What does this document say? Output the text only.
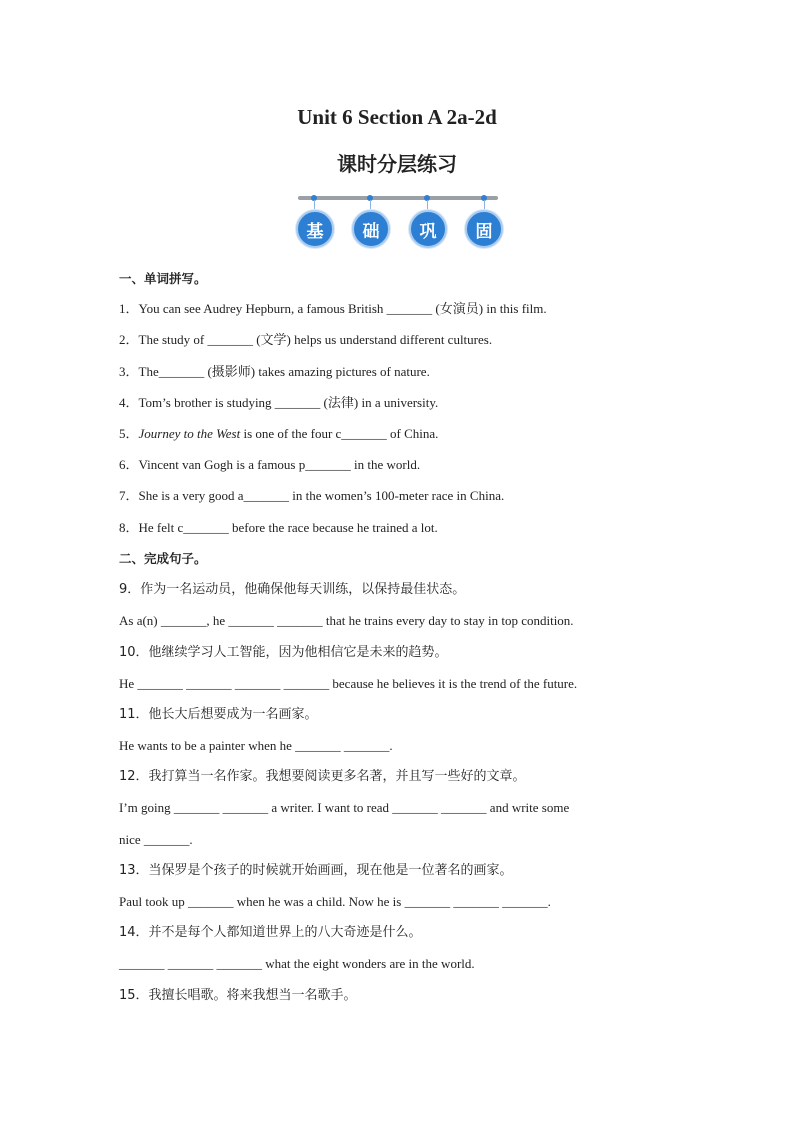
Unit 6 Section A 2a-2d
课时分层练习
基	础	巩	固

一、单词拼写。

1．You can see Audrey Hepburn, a famous British _______ (女演员) in this film.

2．The study of _______ (文学) helps us understand different cultures.

3．The_______ (摄影师) takes amazing pictures of nature.

4．Tom’s brother is studying _______ (法律) in a university.

5．Journey to the West is one of the four c_______ of China.

6．Vincent van Gogh is a famous p_______ in the world.

7．She is a very good a_______ in the women’s 100-meter race in China.

8．He felt c_______ before the race because he trained a lot.

二、完成句子。

9．作为一名运动员，他确保他每天训练，以保持最佳状态。

As a(n) _______, he _______ _______ that he trains every day to stay in top condition.

10．他继续学习人工智能，因为他相信它是未来的趋势。

He _______ _______ _______ _______ because he believes it is the trend of the future.

11．他长大后想要成为一名画家。

He wants to be a painter when he _______ _______.

12．我打算当一名作家。我想要阅读更多名著，并且写一些好的文章。

I’m going _______ _______ a writer. I want to read _______ _______ and write some

nice _______.

13．当保罗是个孩子的时候就开始画画，现在他是一位著名的画家。

Paul took up _______ when he was a child. Now he is _______ _______ _______.

14．并不是每个人都知道世界上的八大奇迹是什么。

_______ _______ _______ what the eight wonders are in the world.

15．我擅长唱歌。将来我想当一名歌手。
